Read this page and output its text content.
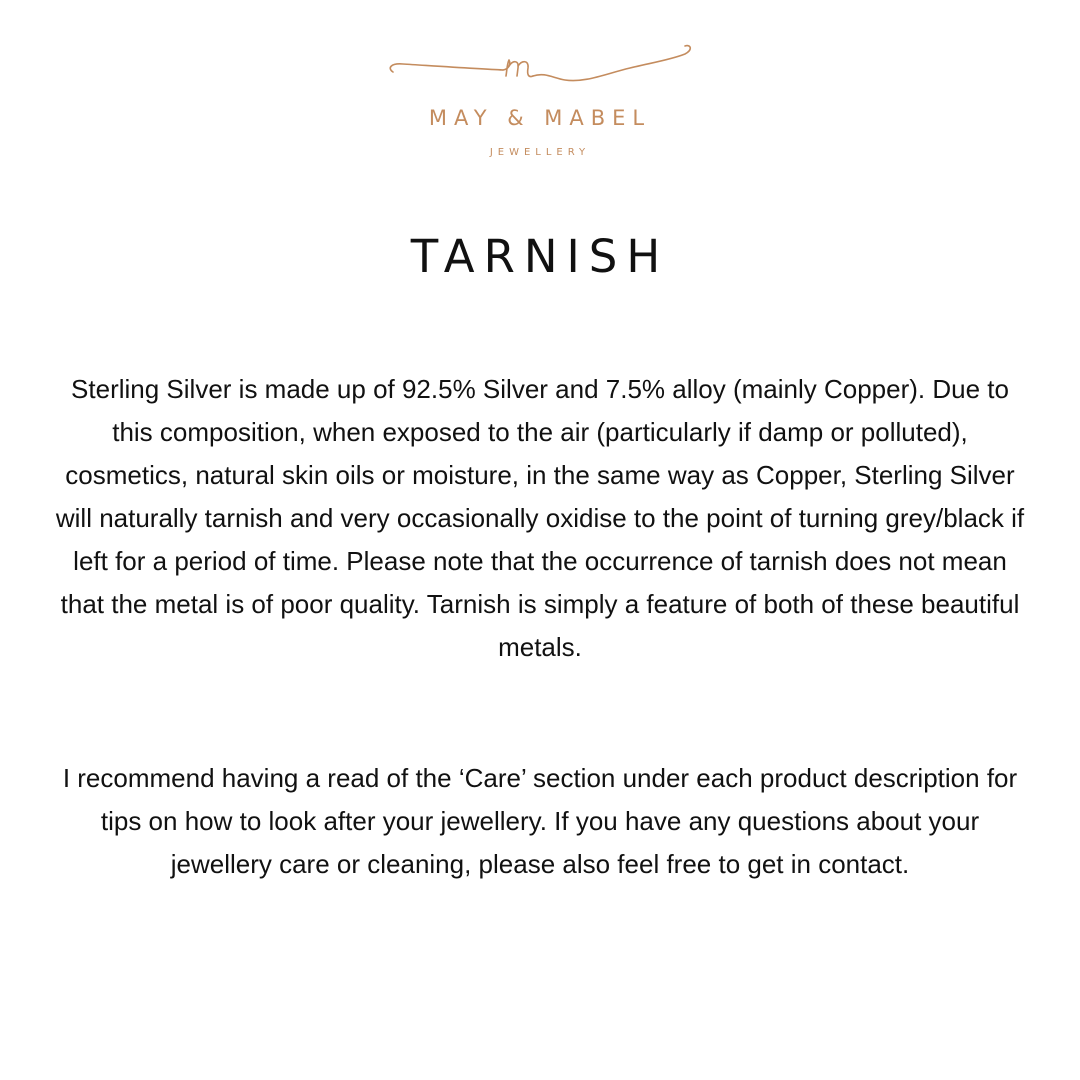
MAY & MABEL
JEWELLERY
TARNISH

Sterling Silver is made up of 92.5% Silver and 7.5% alloy (mainly Copper). Due to this composition, when exposed to the air (particularly if damp or polluted), cosmetics, natural skin oils or moisture, in the same way as Copper, Sterling Silver will naturally tarnish and very occasionally oxidise to the point of turning grey/black if left for a period of time. Please note that the occurrence of tarnish does not mean that the metal is of poor quality. Tarnish is simply a feature of both of these beautiful metals.

I recommend having a read of the ‘Care’ section under each product description for tips on how to look after your jewellery. If you have any questions about your jewellery care or cleaning, please also feel free to get in contact.
